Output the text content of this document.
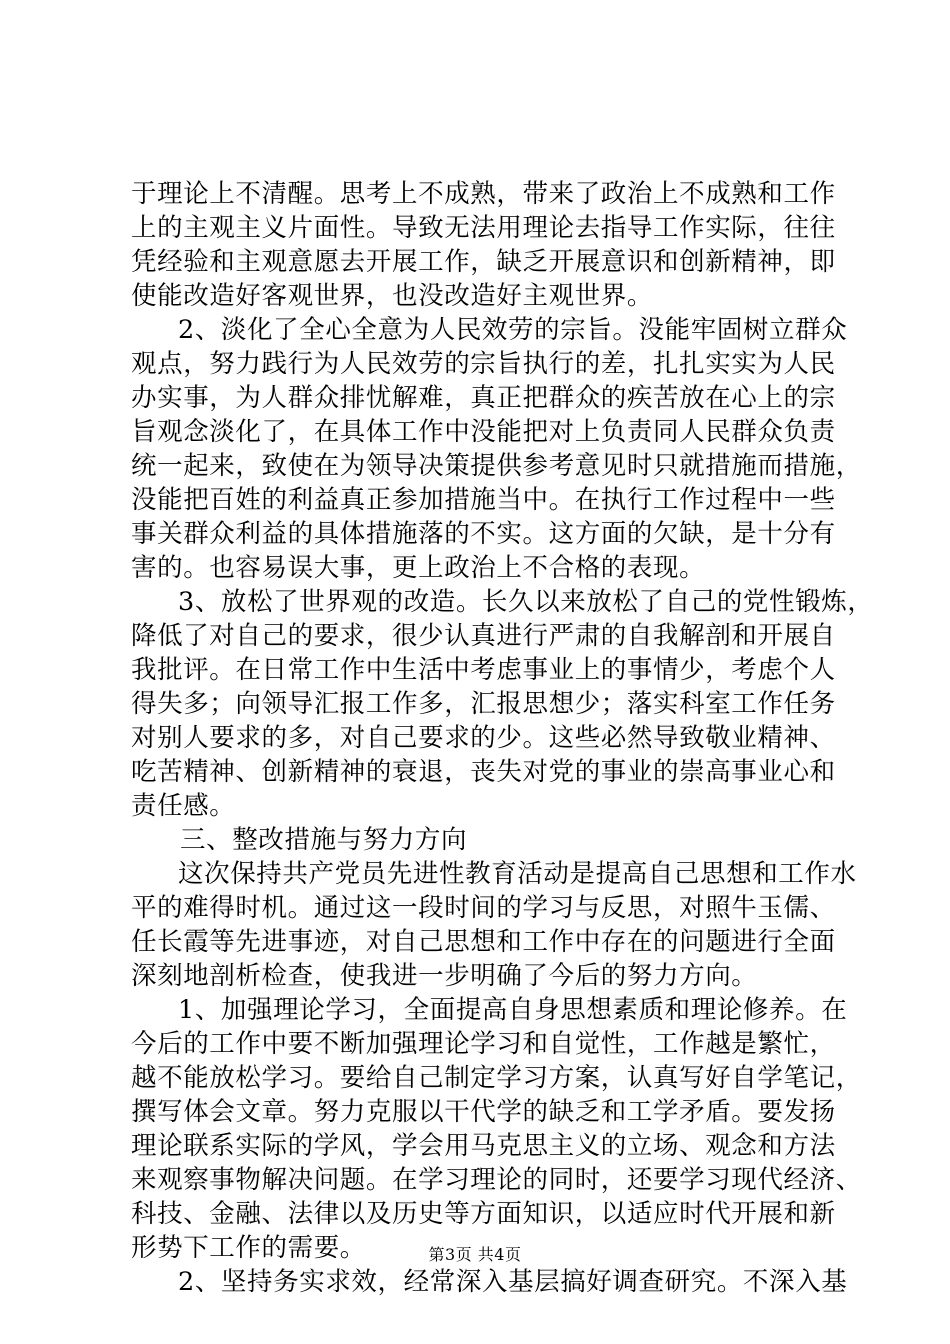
于理论上不清醒。思考上不成熟，带来了政治上不成熟和工作
上的主观主义片面性。导致无法用理论去指导工作实际，往往
凭经验和主观意愿去开展工作，缺乏开展意识和创新精神，即
使能改造好客观世界，也没改造好主观世界。
2、淡化了全心全意为人民效劳的宗旨。没能牢固树立群众
观点，努力践行为人民效劳的宗旨执行的差，扎扎实实为人民
办实事，为人群众排忧解难，真正把群众的疾苦放在心上的宗
旨观念淡化了，在具体工作中没能把对上负责同人民群众负责
统一起来，致使在为领导决策提供参考意见时只就措施而措施，
没能把百姓的利益真正参加措施当中。在执行工作过程中一些
事关群众利益的具体措施落的不实。这方面的欠缺，是十分有
害的。也容易误大事，更上政治上不合格的表现。
3、放松了世界观的改造。长久以来放松了自己的党性锻炼，
降低了对自己的要求，很少认真进行严肃的自我解剖和开展自
我批评。在日常工作中生活中考虑事业上的事情少，考虑个人
得失多；向领导汇报工作多，汇报思想少；落实科室工作任务
对别人要求的多，对自己要求的少。这些必然导致敬业精神、
吃苦精神、创新精神的衰退，丧失对党的事业的崇高事业心和
责任感。
三、整改措施与努力方向
这次保持共产党员先进性教育活动是提高自己思想和工作水
平的难得时机。通过这一段时间的学习与反思，对照牛玉儒、
任长霞等先进事迹，对自己思想和工作中存在的问题进行全面
深刻地剖析检查，使我进一步明确了今后的努力方向。
1、加强理论学习，全面提高自身思想素质和理论修养。在
今后的工作中要不断加强理论学习和自觉性，工作越是繁忙，
越不能放松学习。要给自己制定学习方案，认真写好自学笔记，
撰写体会文章。努力克服以干代学的缺乏和工学矛盾。要发扬
理论联系实际的学风，学会用马克思主义的立场、观念和方法
来观察事物解决问题。在学习理论的同时，还要学习现代经济、
科技、金融、法律以及历史等方面知识，以适应时代开展和新
形势下工作的需要。
2、坚持务实求效，经常深入基层搞好调查研究。不深入基
第3页 共4页
